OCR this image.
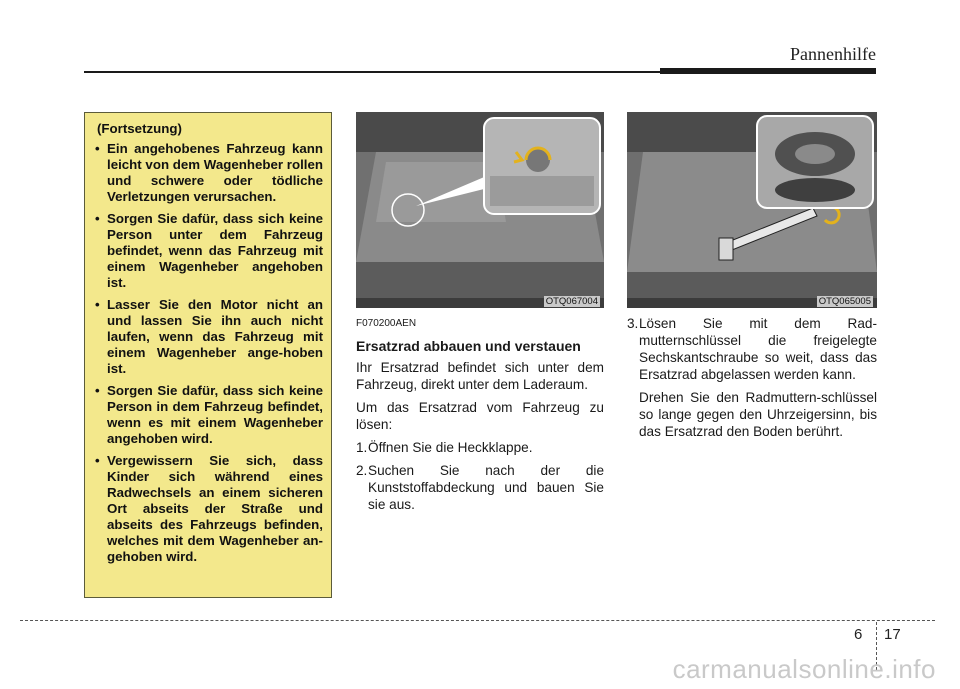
Pannenhilfe
(Fortsetzung)
• Ein angehobenes Fahrzeug kann leicht von dem Wagenheber rollen und schwere oder tödliche Verletzungen verursachen.
• Sorgen Sie dafür, dass sich keine Person unter dem Fahrzeug befindet, wenn das Fahrzeug mit einem Wagenheber angehoben ist.
• Lasser Sie den Motor nicht an und lassen Sie ihn auch nicht laufen, wenn das Fahrzeug mit einem Wagenheber ange-hoben ist.
• Sorgen Sie dafür, dass sich keine Person in dem Fahrzeug befindet, wenn es mit einem Wagenheber angehoben wird.
• Vergewissern Sie sich, dass Kinder sich während eines Radwechsels an einem sicheren Ort abseits der Straße und abseits des Fahrzeugs befinden, welches mit dem Wagenheber an-gehoben wird.
OTQ067004	OTQ065005
F070200AEN
Ersatzrad abbauen und verstauen

Ihr Ersatzrad befindet sich unter dem Fahrzeug, direkt unter dem Laderaum.

Um das Ersatzrad vom Fahrzeug zu lösen:

1. Öffnen Sie die Heckklappe.
2. Suchen Sie nach der die Kunststoffabdeckung und bauen Sie sie aus.
3. Lösen Sie mit dem Rad-mutternschlüssel die freigelegte Sechskantschraube so weit, dass das Ersatzrad abgelassen werden kann.
Drehen Sie den Radmuttern-schlüssel so lange gegen den Uhrzeigersinn, bis das Ersatzrad den Boden berührt.
6 17
carmanualsonline.info
